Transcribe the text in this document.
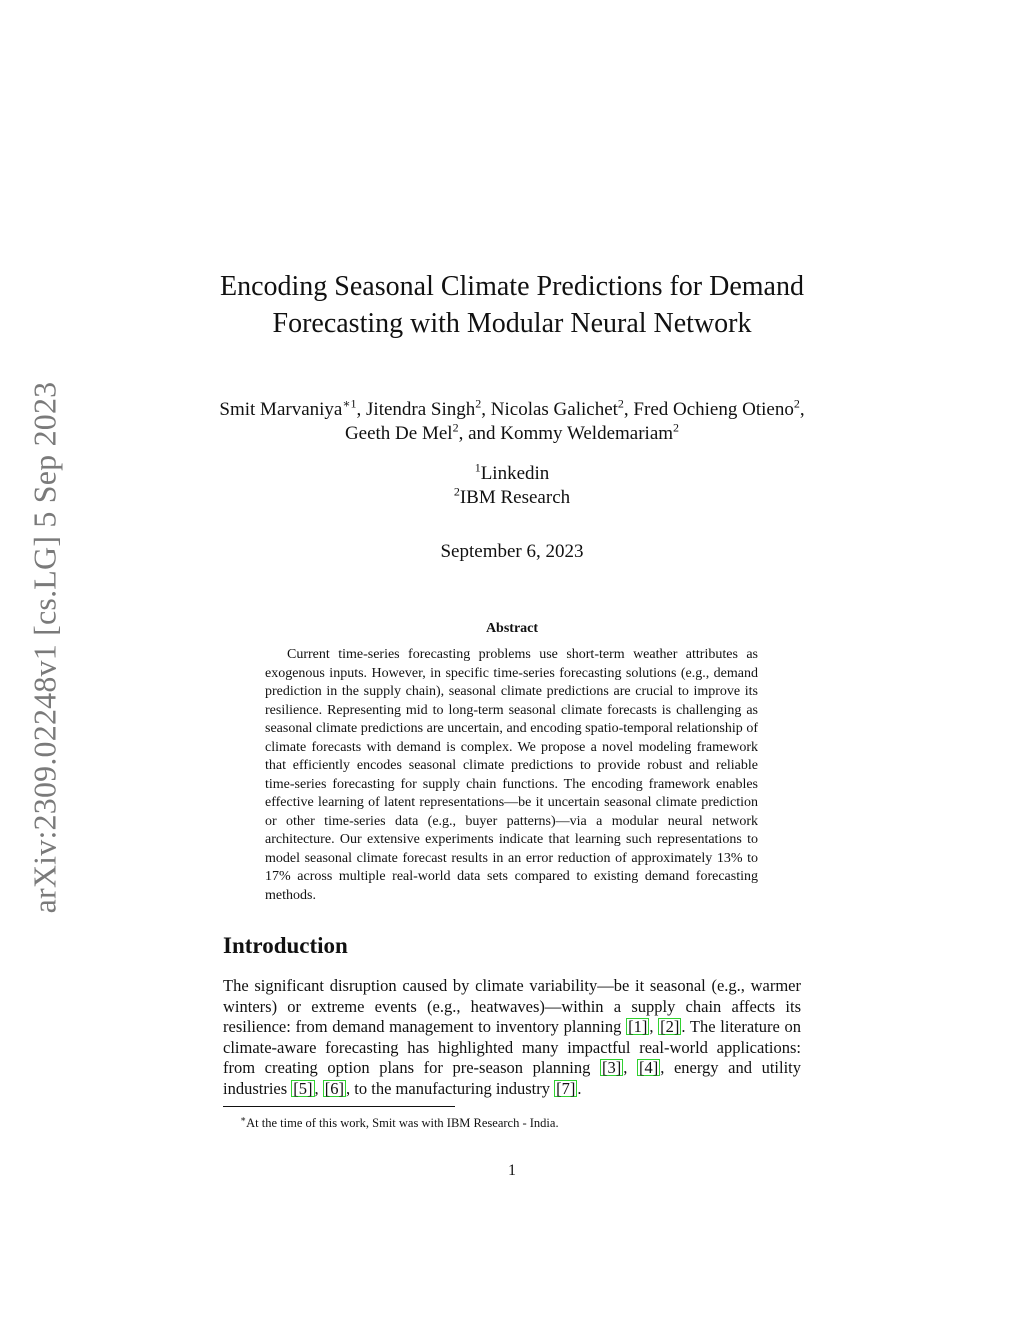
arXiv:2309.02248v1 [cs.LG] 5 Sep 2023
Encoding Seasonal Climate Predictions for Demand Forecasting with Modular Neural Network

Smit Marvaniya$^{∗1}$, Jitendra Singh$^2$, Nicolas Galichet$^2$, Fred Ochieng Otieno$^2$, Geeth De Mel$^2$, and Kommy Weldemariam$^2$

$^1$Linkedin
$^2$IBM Research
September 6, 2023
Abstract

Current time-series forecasting problems use short-term weather attributes as exogenous inputs. However, in specific time-series forecasting solutions (e.g., demand prediction in the supply chain), seasonal climate predictions are crucial to improve its resilience. Representing mid to long-term seasonal climate forecasts is challenging as seasonal climate predictions are uncertain, and encoding spatio-temporal relationship of climate forecasts with demand is complex. We propose a novel modeling framework that efficiently encodes seasonal climate predictions to provide robust and reliable time-series forecasting for supply chain functions. The encoding framework enables effective learning of latent representations—be it uncertain seasonal climate prediction or other time-series data (e.g., buyer patterns)—via a modular neural network architecture. Our extensive experiments indicate that learning such representations to model seasonal climate forecast results in an error reduction of approximately 13% to 17% across multiple real-world data sets compared to existing demand forecasting methods.

Introduction

The significant disruption caused by climate variability—be it seasonal (e.g., warmer winters) or extreme events (e.g., heatwaves)—within a supply chain affects its resilience: from demand management to inventory planning [1] , [2] . The literature on climate-aware forecasting has highlighted many impactful real-world applications: from creating option plans for pre-season planning [3] , [4] , energy and utility industries [5] , [6] , to the manufacturing industry [7] .

∗At the time of this work, Smit was with IBM Research - India.
1
